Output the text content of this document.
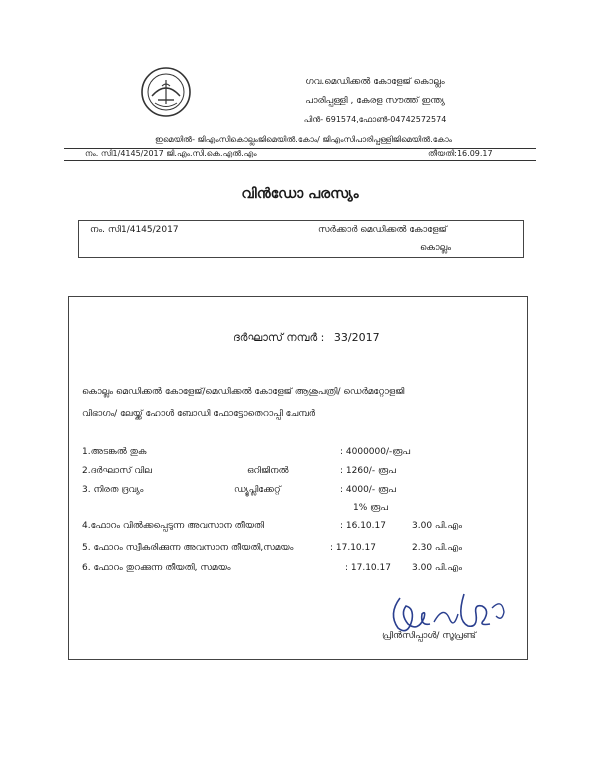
ഗവ.മെഡിക്കൽ കോളേജ് കൊല്ലം
പാരിപ്പള്ളി , കേരള സൗത്ത് ഇന്ത്യ
പിൻ- 691574,ഫോൺ-04742572574
ഇമെയിൽ- ജിഎംസികൊല്ലംജിമെയിൽ.കോം/ ജിഎംസിപാരിപ്പള്ളിജിമെയിൽ.കോം
നം. സി1/4145/2017 ജി.എം.സി.കെ.എൽ.എം	തീയതി:16.09.17
വിൻഡോ പരസ്യം
നം. സി1/4145/2017	സർക്കാർ മെഡിക്കൽ കോളേജ്
കൊല്ലം
ദർഘാസ് നമ്പർ : 33/2017
കൊല്ലം മെഡിക്കൽ കോളേജ്/മെഡിക്കൽ കോളേജ് ആശുപത്രി/ ഡെർമറ്റോളജി
വിഭാഗം/ ലേയ്ക്ക് ഹോൾ ബോഡി ഫോട്ടോതെറാപ്പി ചേമ്പർ
1.അടങ്കൽ തുക	: 4000000/-രൂപ
2.ദർഘാസ് വില	ഒറിജിനൽ	: 1260/- രൂപ
3. നിരത ദ്രവ്യം	ഡ്യൂപ്ലിക്കേറ്റ്	: 4000/- രൂപ
1% രൂപ
4.ഫോറം വിൽക്കപ്പെടുന്ന അവസാന തീയതി	: 16.10.17	3.00 പി.എം
5. ഫോറം സ്വീകരിക്കുന്ന അവസാന തീയതി,സമയം	: 17.10.17	2.30 പി.എം
6. ഫോറം തുറക്കുന്ന തീയതി, സമയം	: 17.10.17 3.00 പി.എം
പ്രിൻസിപ്പാൾ/ സൂപ്രണ്ട്
